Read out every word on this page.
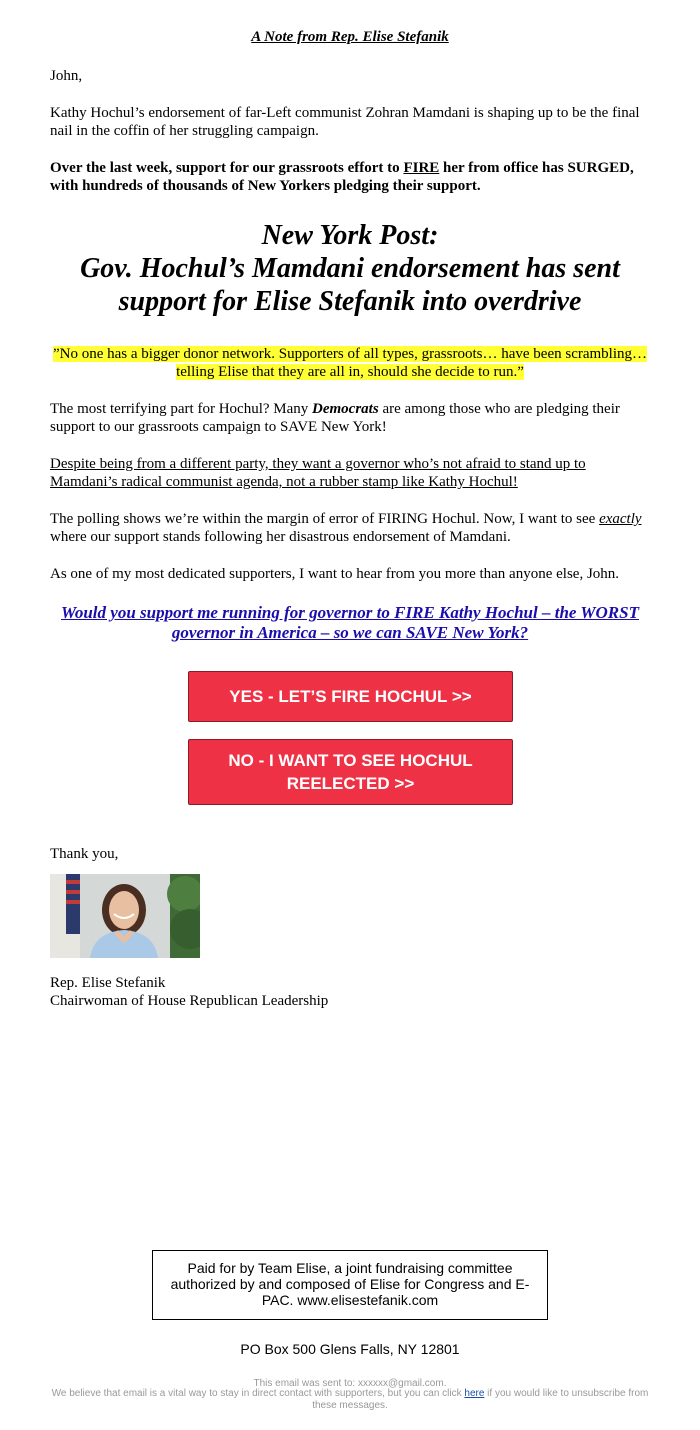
A Note from Rep. Elise Stefanik

John,

Kathy Hochul’s endorsement of far-Left communist Zohran Mamdani is shaping up to be the final nail in the coffin of her struggling campaign.

Over the last week, support for our grassroots effort to FIRE her from office has SURGED, with hundreds of thousands of New Yorkers pledging their support.

New York Post:
Gov. Hochul’s Mamdani endorsement has sent support for Elise Stefanik into overdrive

”No one has a bigger donor network. Supporters of all types, grassroots… have been scrambling… telling Elise that they are all in, should she decide to run.”

The most terrifying part for Hochul? Many Democrats are among those who are pledging their support to our grassroots campaign to SAVE New York!

Despite being from a different party, they want a governor who’s not afraid to stand up to Mamdani’s radical communist agenda, not a rubber stamp like Kathy Hochul!

The polling shows we’re within the margin of error of FIRING Hochul. Now, I want to see exactly where our support stands following her disastrous endorsement of Mamdani.

As one of my most dedicated supporters, I want to hear from you more than anyone else, John.

Would you support me running for governor to FIRE Kathy Hochul – the WORST governor in America – so we can SAVE New York?
YES - LET’S FIRE HOCHUL >>
NO - I WANT TO SEE HOCHUL REELECTED >>

Thank you,

Rep. Elise Stefanik

Chairwoman of House Republican Leadership

Paid for by Team Elise, a joint fundraising committee authorized by and composed of Elise for Congress and E-PAC. www.elisestefanik.com
PO Box 500 Glens Falls, NY 12801
This email was sent to: xxxxxx@gmail.com.
We believe that email is a vital way to stay in direct contact with supporters, but you can click here if you would like to unsubscribe from these messages.
